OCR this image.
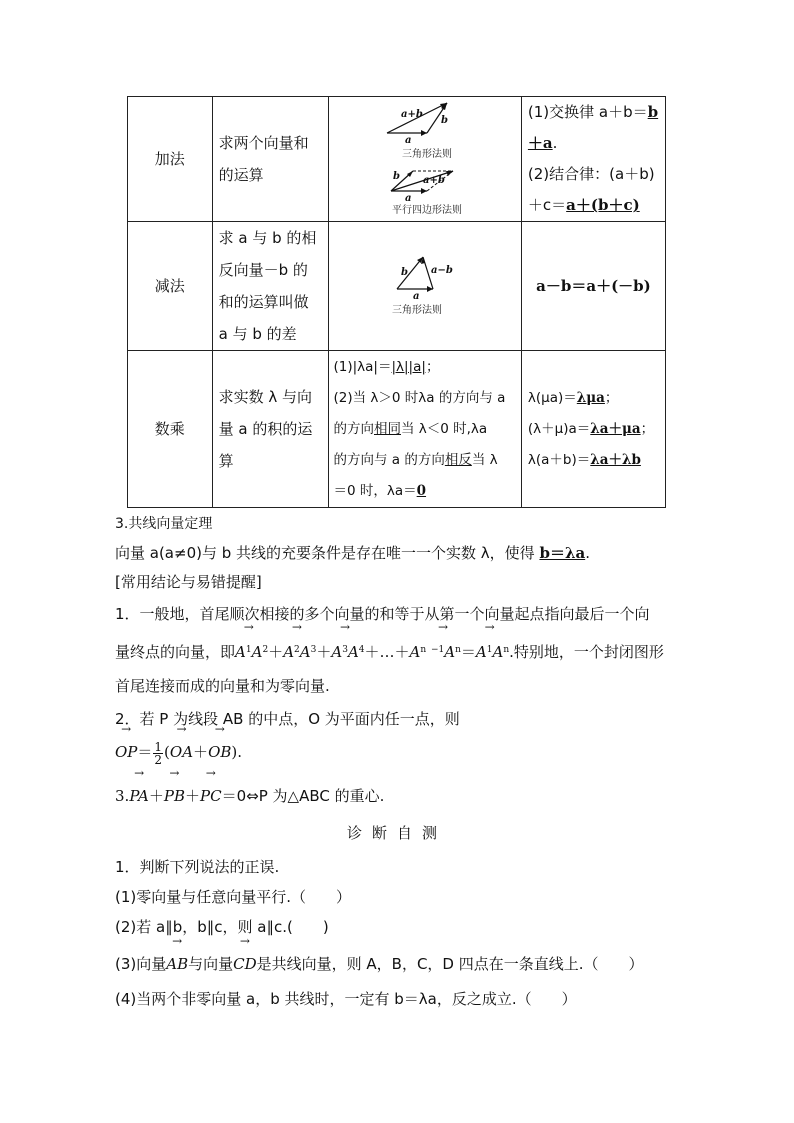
加法	
求两个向量和
的运算

a+b
b
a
三角形法则
b a+b
a
平行四边形法则

(1)交换律 a＋b＝b
＋a.
(2)结合律：(a＋b)
＋c＝a＋(b＋c)

减法	
求 a 与 b 的相
反向量－b 的
和的运算叫做
a 与 b 的差

b a−b
a
三角形法则
	a－b＝a＋(－b)
数乘	
求实数 λ 与向
量 a 的积的运
算

(1)|λa|＝|λ||a|；
(2)当 λ＞0 时λa 的方向与 a
的方向相同当 λ＜0 时,λa
的方向与 a 的方向相反当 λ
＝0 时，λa＝0

λ(μa)＝λμa；
(λ＋μ)a＝λa＋μa；
λ(a＋b)＝λa＋λb
3.共线向量定理
向量 a(a≠0)与 b 共线的充要条件是存在唯一一个实数 λ，使得 b＝λa.
[常用结论与易错提醒]
1．一般地，首尾顺次相接的多个向量的和等于从第一个向量起点指向最后一个向
量终点的向量，即→ $A^1A^2+\to A^2A^3+\to$ $A^3A^4+\dots+A^n \to ^{-1}A^n=\to A^1A^n$.特别地，一个封闭图形
首尾连接而成的向量和为零向量.
2．若 P 为线段 AB 的中点，O 为平面内任一点，则
→ $OP= \frac{1}{2}$ (→ OA＋→ OB).
3.→ PA＋→ PB＋→ PC＝0⇔P 为△ABC 的重心.
诊断自测
1．判断下列说法的正误.
(1)零向量与任意向量平行.（　　）
(2)若 a∥b，b∥c，则 a∥c.(　　)
(3)向量→ AB与向量→ CD是共线向量，则 A，B，C，D 四点在一条直线上.（　　）
(4)当两个非零向量 a，b 共线时，一定有 b＝λa，反之成立.（　　）
